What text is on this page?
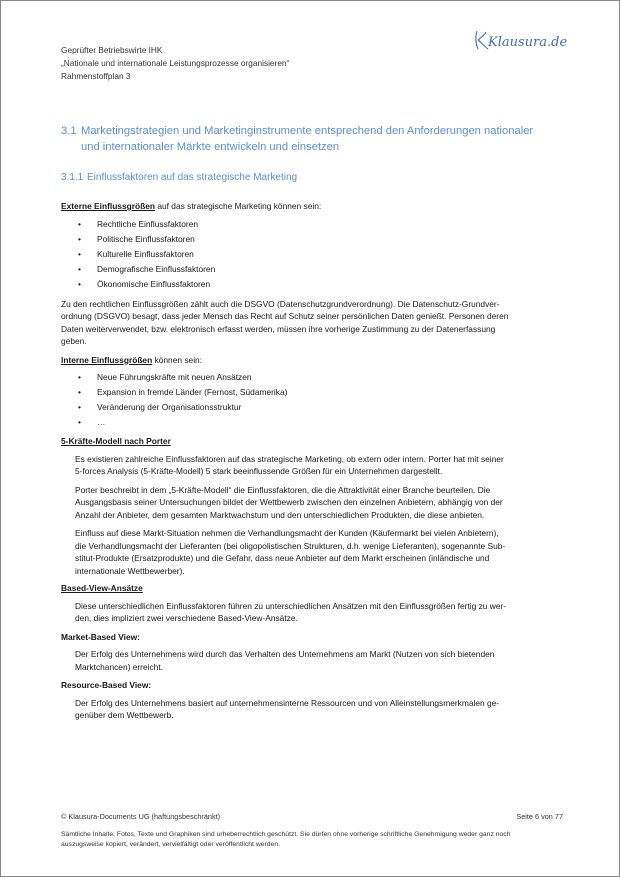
Geprüfter Betriebswirte IHK
„Nationale und internationale Leistungsprozesse organisieren“
Rahmenstoffplan 3
Klausura.de
3.1 Marketingstrategien und Marketinginstrumente entsprechend den Anforderungen nationaler
und internationaler Märkte entwickeln und einsetzen
3.1.1 Einflussfaktoren auf das strategische Marketing

Externe Einflussgrößen auf das strategische Marketing können sein:

• Rechtliche Einflussfaktoren
• Politische Einflussfaktoren
• Kulturelle Einflussfaktoren
• Demografische Einflussfaktoren
• Ökonomische Einflussfaktoren

Zu den rechtlichen Einflussgrößen zählt auch die DSGVO (Datenschutzgrundverordnung). Die Datenschutz-Grundver-
ordnung (DSGVO) besagt, dass jeder Mensch das Recht auf Schutz seiner persönlichen Daten genießt. Personen deren
Daten weiterverwendet, bzw. elektronisch erfasst werden, müssen ihre vorherige Zustimmung zu der Datenerfassung
geben.

Interne Einflussgrößen können sein:

• Neue Führungskräfte mit neuen Ansätzen
• Expansion in fremde Länder (Fernost, Südamerika)
• Veränderung der Organisationsstruktur
• …

5-Kräfte-Modell nach Porter

Es existieren zahlreiche Einflussfaktoren auf das strategische Marketing, ob extern oder intern. Porter hat mit seiner
5-forces Analysis (5-Kräfte-Modell) 5 stark beeinflussende Größen für ein Unternehmen dargestellt.

Porter beschreibt in dem „5-Kräfte-Modell“ die Einflussfaktoren, die die Attraktivität einer Branche beurteilen. Die
Ausgangsbasis seiner Untersuchungen bildet der Wettbewerb zwischen den einzelnen Anbietern, abhängig von der
Anzahl der Anbieter, dem gesamten Marktwachstum und den unterschiedlichen Produkten, die diese anbieten.

Einfluss auf diese Markt-Situation nehmen die Verhandlungsmacht der Kunden (Käufermarkt bei vielen Anbietern),
die Verhandlungsmacht der Lieferanten (bei oligopolistischen Strukturen, d.h. wenige Lieferanten), sogenannte Sub-
stitut-Produkte (Ersatzprodukte) und die Gefahr, dass neue Anbieter auf dem Markt erscheinen (inländische und
internationale Wettbewerber).

Based-View-Ansätze

Diese unterschiedlichen Einflussfaktoren führen zu unterschiedlichen Ansätzen mit den Einflussgrößen fertig zu wer-
den, dies impliziert zwei verschiedene Based-View-Ansätze.

Market-Based View:

Der Erfolg des Unternehmens wird durch das Verhalten des Unternehmens am Markt (Nutzen von sich bietenden
Marktchancen) erreicht.

Resource-Based View:

Der Erfolg des Unternehmens basiert auf unternehmensinterne Ressourcen und von Alleinstellungsmerkmalen ge-
genüber dem Wettbewerb.

© Klausura-Documents UG (haftungsbeschränkt)	Seite 6 von 77
Sämtliche Inhalte, Fotos, Texte und Graphiken sind urheberrechtlich geschützt. Sie dürfen ohne vorherige schriftliche Genehmigung weder ganz noch
auszugsweise kopiert, verändert, vervielfältigt oder veröffentlicht werden.
